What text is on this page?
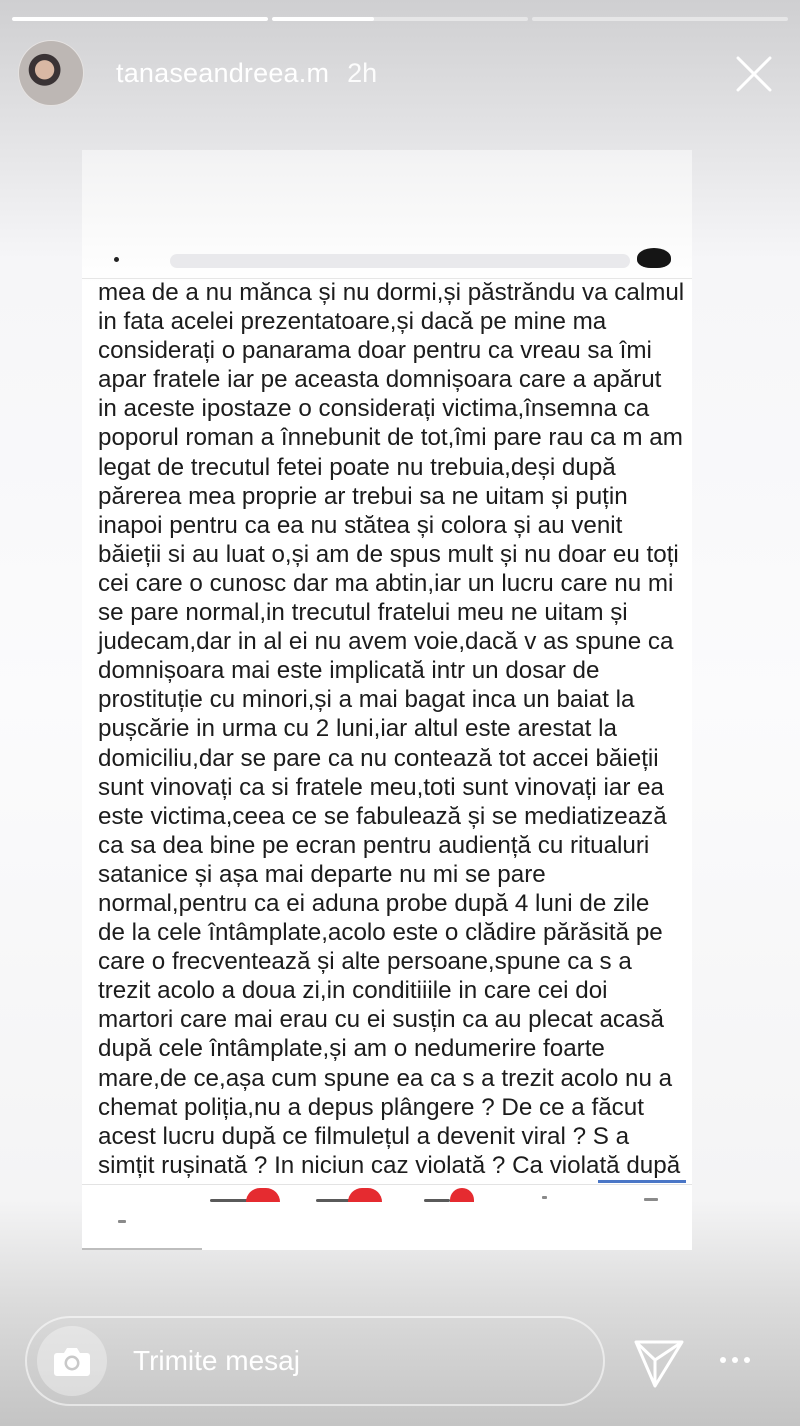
tanaseandreea.m 2h
mea de a nu mănca și nu dormi,și păstrăndu va calmul
in fata acelei prezentatoare,și dacă pe mine ma
considerați o panarama doar pentru ca vreau sa îmi
apar fratele iar pe aceasta domnișoara care a apărut
in aceste ipostaze o considerați victima,însemna ca
poporul roman a înnebunit de tot,îmi pare rau ca m am
legat de trecutul fetei poate nu trebuia,deși după
părerea mea proprie ar trebui sa ne uitam și puțin
inapoi pentru ca ea nu stătea și colora și au venit
băieții si au luat o,și am de spus mult și nu doar eu toți
cei care o cunosc dar ma abtin,iar un lucru care nu mi
se pare normal,in trecutul fratelui meu ne uitam și
judecam,dar in al ei nu avem voie,dacă v as spune ca
domnișoara mai este implicată intr un dosar de
prostituție cu minori,și a mai bagat inca un baiat la
pușcărie in urma cu 2 luni,iar altul este arestat la
domiciliu,dar se pare ca nu contează tot accei băieții
sunt vinovați ca si fratele meu,toti sunt vinovați iar ea
este victima,ceea ce se fabulează și se mediatizează
ca sa dea bine pe ecran pentru audiență cu ritualuri
satanice și așa mai departe nu mi se pare
normal,pentru ca ei aduna probe după 4 luni de zile
de la cele întâmplate,acolo este o clădire părăsită pe
care o frecventează și alte persoane,spune ca s a
trezit acolo a doua zi,in conditiiile in care cei doi
martori care mai erau cu ei susțin ca au plecat acasă
după cele întâmplate,și am o nedumerire foarte
mare,de ce,așa cum spune ea ca s a trezit acolo nu a
chemat poliția,nu a depus plângere ? De ce a făcut
acest lucru după ce filmulețul a devenit viral ? S a
simțit rușinată ? In niciun caz violată ? Ca violată după
Trimite mesaj
